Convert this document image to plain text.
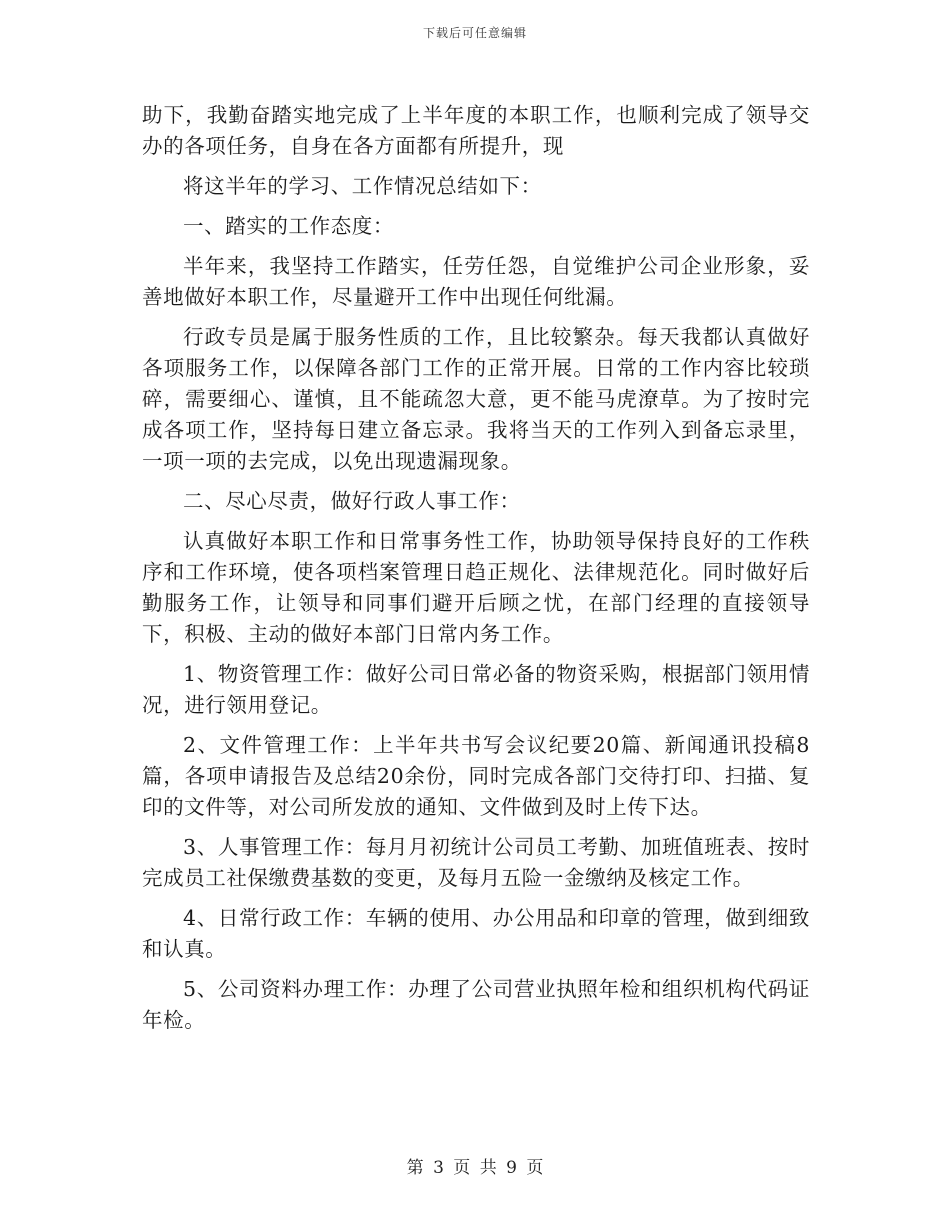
下载后可任意编辑

助下，我勤奋踏实地完成了上半年度的本职工作，也顺利完成了领导交办的各项任务，自身在各方面都有所提升，现

将这半年的学习、工作情况总结如下：

一、踏实的工作态度：

半年来，我坚持工作踏实，任劳任怨，自觉维护公司企业形象，妥善地做好本职工作，尽量避开工作中出现任何纰漏。

行政专员是属于服务性质的工作，且比较繁杂。每天我都认真做好各项服务工作，以保障各部门工作的正常开展。日常的工作内容比较琐碎，需要细心、谨慎，且不能疏忽大意，更不能马虎潦草。为了按时完成各项工作，坚持每日建立备忘录。我将当天的工作列入到备忘录里，一项一项的去完成，以免出现遗漏现象。

二、尽心尽责，做好行政人事工作：

认真做好本职工作和日常事务性工作，协助领导保持良好的工作秩序和工作环境，使各项档案管理日趋正规化、法律规范化。同时做好后勤服务工作，让领导和同事们避开后顾之忧，在部门经理的直接领导下，积极、主动的做好本部门日常内务工作。

1、物资管理工作：做好公司日常必备的物资采购，根据部门领用情况，进行领用登记。

2、文件管理工作：上半年共书写会议纪要20篇、新闻通讯投稿8篇，各项申请报告及总结20余份，同时完成各部门交待打印、扫描、复印的文件等，对公司所发放的通知、文件做到及时上传下达。

3、人事管理工作：每月月初统计公司员工考勤、加班值班表、按时完成员工社保缴费基数的变更，及每月五险一金缴纳及核定工作。

4、日常行政工作：车辆的使用、办公用品和印章的管理，做到细致和认真。

5、公司资料办理工作：办理了公司营业执照年检和组织机构代码证年检。

第 3 页 共 9 页
